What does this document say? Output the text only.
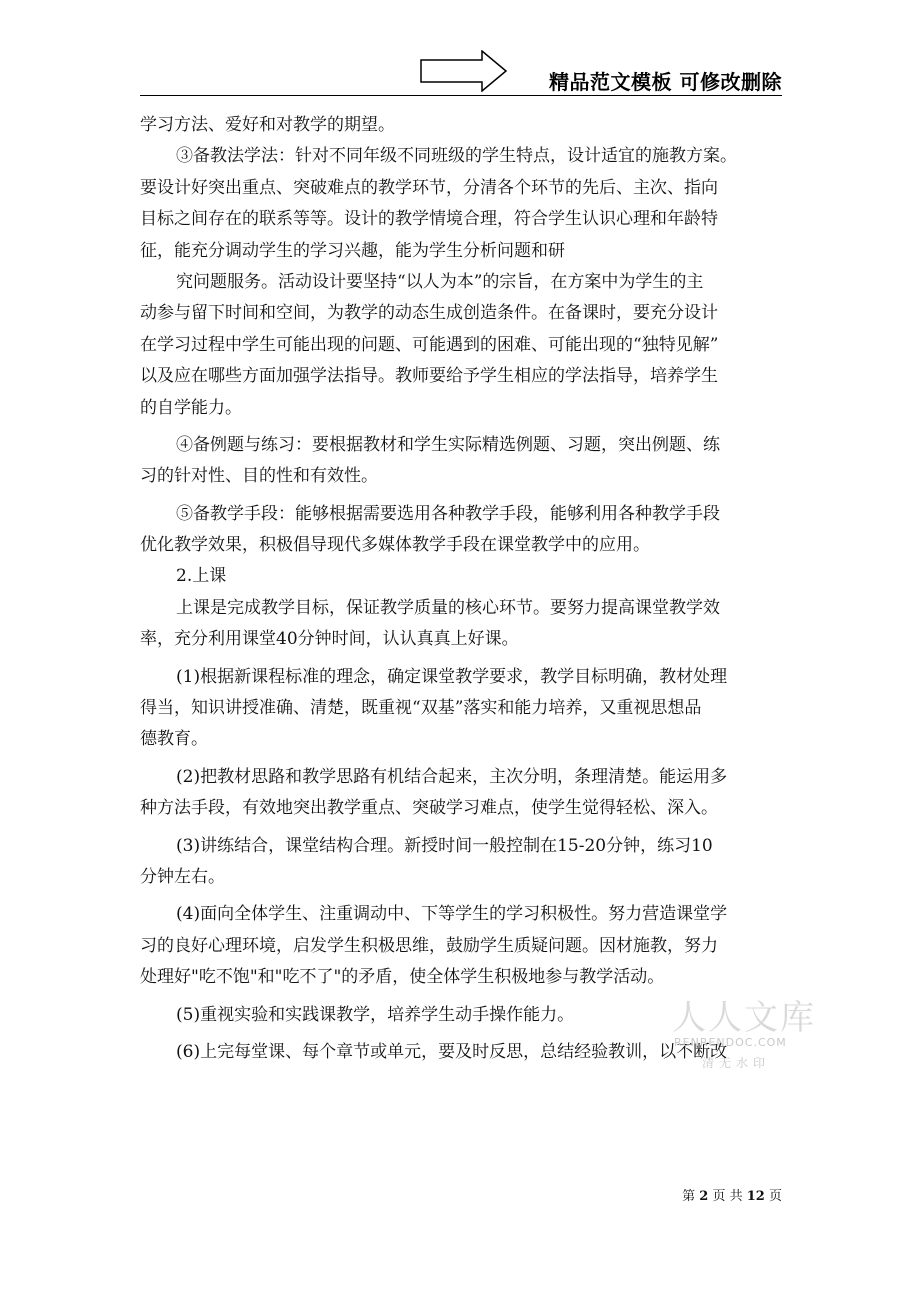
精品范文模板 可修改删除
学习方法、爱好和对教学的期望。
③备教法学法：针对不同年级不同班级的学生特点，设计适宜的施教方案。
要设计好突出重点、突破难点的教学环节，分清各个环节的先后、主次、指向
目标之间存在的联系等等。设计的教学情境合理，符合学生认识心理和年龄特
征，能充分调动学生的学习兴趣，能为学生分析问题和研
究问题服务。活动设计要坚持“以人为本”的宗旨，在方案中为学生的主
动参与留下时间和空间，为教学的动态生成创造条件。在备课时，要充分设计
在学习过程中学生可能出现的问题、可能遇到的困难、可能出现的“独特见解”
以及应在哪些方面加强学法指导。教师要给予学生相应的学法指导，培养学生
的自学能力。
④备例题与练习：要根据教材和学生实际精选例题、习题，突出例题、练
习的针对性、目的性和有效性。
⑤备教学手段：能够根据需要选用各种教学手段，能够利用各种教学手段
优化教学效果，积极倡导现代多媒体教学手段在课堂教学中的应用。
2.上课
上课是完成教学目标，保证教学质量的核心环节。要努力提高课堂教学效
率，充分利用课堂40分钟时间，认认真真上好课。
(1)根据新课程标准的理念，确定课堂教学要求，教学目标明确，教材处理
得当，知识讲授准确、清楚，既重视“双基”落实和能力培养，又重视思想品
德教育。
(2)把教材思路和教学思路有机结合起来，主次分明，条理清楚。能运用多
种方法手段，有效地突出教学重点、突破学习难点，使学生觉得轻松、深入。
(3)讲练结合，课堂结构合理。新授时间一般控制在15-20分钟，练习10
分钟左右。
(4)面向全体学生、注重调动中、下等学生的学习积极性。努力营造课堂学
习的良好心理环境，启发学生积极思维，鼓励学生质疑问题。因材施教，努力
处理好"吃不饱"和"吃不了"的矛盾，使全体学生积极地参与教学活动。
(5)重视实验和实践课教学，培养学生动手操作能力。
(6)上完每堂课、每个章节或单元，要及时反思，总结经验教训，以不断改
人人文库
RENRENDOC.COM
清无水印
第 2 页 共 12 页
